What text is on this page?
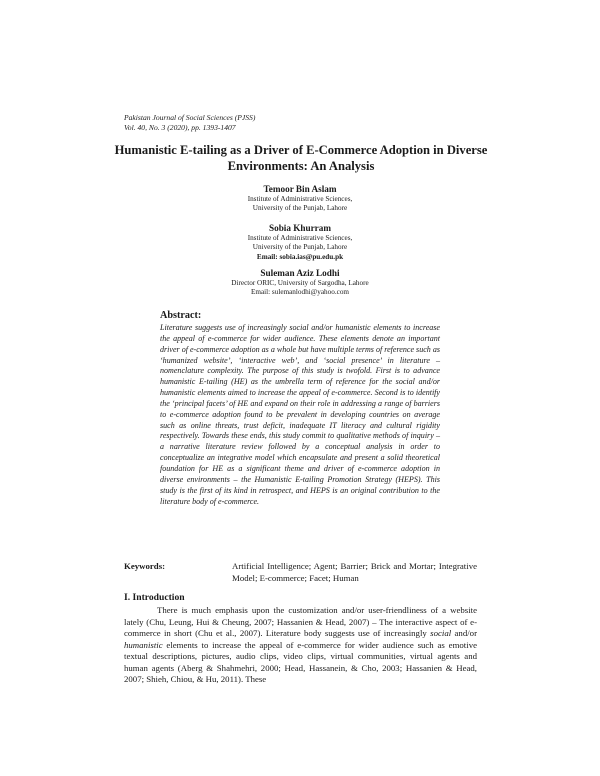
Pakistan Journal of Social Sciences (PJSS)
Vol. 40, No. 3 (2020), pp. 1393-1407
Humanistic E-tailing as a Driver of E-Commerce Adoption in Diverse Environments: An Analysis
Temoor Bin Aslam
Institute of Administrative Sciences,
University of the Punjab, Lahore
Sobia Khurram
Institute of Administrative Sciences,
University of the Punjab, Lahore
Email: sobia.ias@pu.edu.pk
Suleman Aziz Lodhi
Director ORIC, University of Sargodha, Lahore
Email: sulemanlodhi@yahoo.com
Abstract:
Literature suggests use of increasingly social and/or humanistic elements to increase the appeal of e-commerce for wider audience. These elements denote an important driver of e-commerce adoption as a whole but have multiple terms of reference such as ‘humanized website’, ‘interactive web’, and ‘social presence’ in literature – nomenclature complexity. The purpose of this study is twofold. First is to advance humanistic E-tailing (HE) as the umbrella term of reference for the social and/or humanistic elements aimed to increase the appeal of e-commerce. Second is to identify the ‘principal facets’ of HE and expand on their role in addressing a range of barriers to e-commerce adoption found to be prevalent in developing countries on average such as online threats, trust deficit, inadequate IT literacy and cultural rigidity respectively. Towards these ends, this study commit to qualitative methods of inquiry – a narrative literature review followed by a conceptual analysis in order to conceptualize an integrative model which encapsulate and present a solid theoretical foundation for HE as a significant theme and driver of e-commerce adoption in diverse environments – the Humanistic E-tailing Promotion Strategy (HEPS). This study is the first of its kind in retrospect, and HEPS is an original contribution to the literature body of e-commerce.
Keywords:	Artificial Intelligence; Agent; Barrier; Brick and Mortar; Integrative Model; E-commerce; Facet; Human
I. Introduction
There is much emphasis upon the customization and/or user-friendliness of a website lately (Chu, Leung, Hui & Cheung, 2007; Hassanien & Head, 2007) – The interactive aspect of e-commerce in short (Chu et al., 2007). Literature body suggests use of increasingly social and/or humanistic elements to increase the appeal of e-commerce for wider audience such as emotive textual descriptions, pictures, audio clips, video clips, virtual communities, virtual agents and human agents (Aberg & Shahmehri, 2000; Head, Hassanein, & Cho, 2003; Hassanien & Head, 2007; Shieh, Chiou, & Hu, 2011). These
